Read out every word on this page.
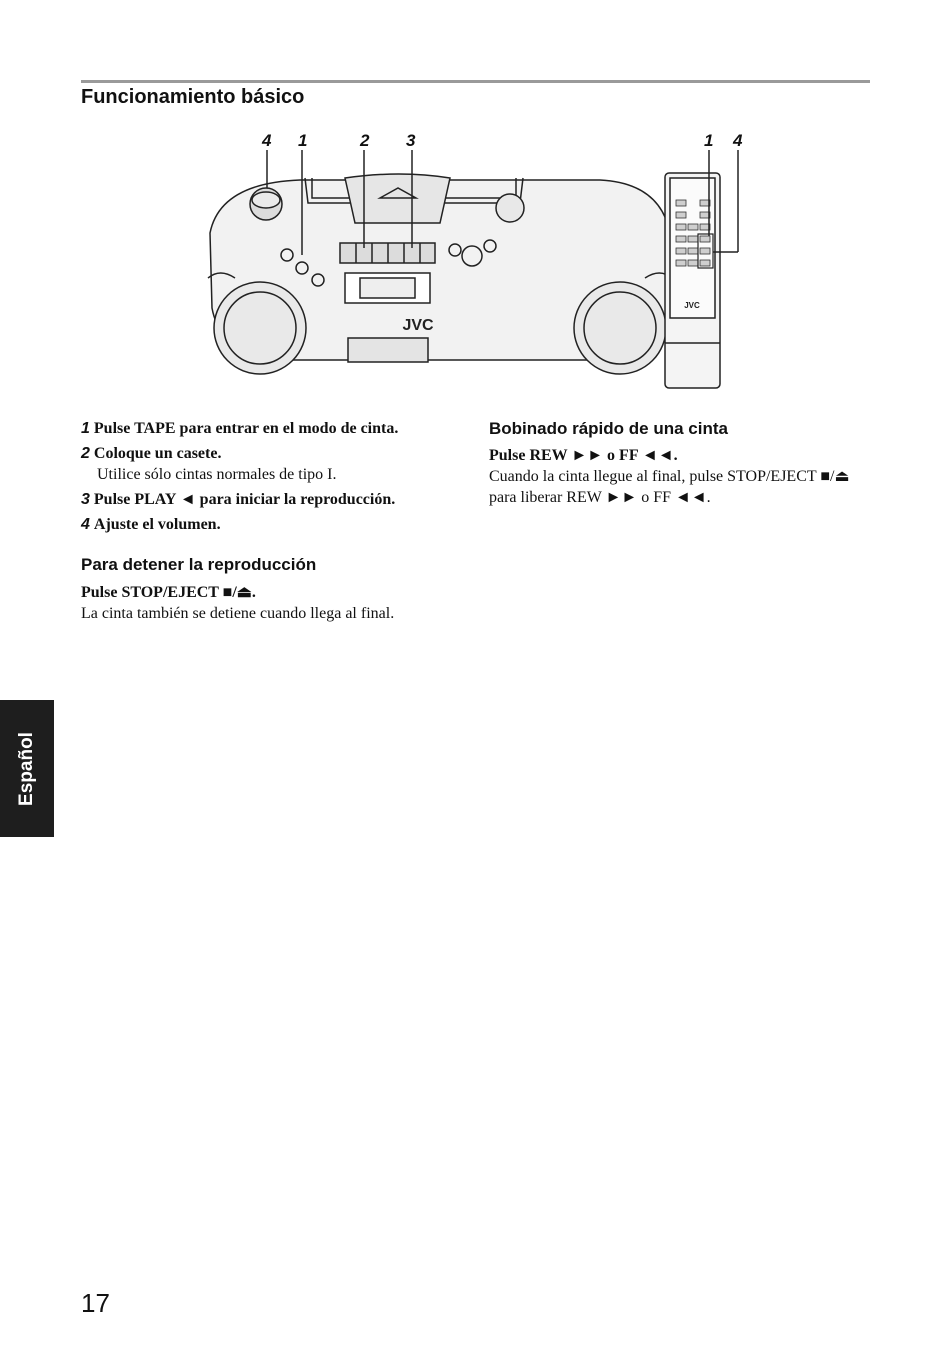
Funcionamiento básico
4 1	2 3	1 4
JVC
JVC
1 Pulse TAPE para entrar en el modo de cinta.
2 Coloque un casete.
Utilice sólo cintas normales de tipo I.
3 Pulse PLAY ◄ para iniciar la reproducción.
4 Ajuste el volumen.
Para detener la reproducción
Pulse STOP/EJECT ■/⏏.
La cinta también se detiene cuando llega al final.
Bobinado rápido de una cinta
Pulse REW ►► o FF ◄◄.
Cuando la cinta llegue al final, pulse STOP/EJECT ■/⏏ para liberar REW ►► o FF ◄◄.
Español
17
